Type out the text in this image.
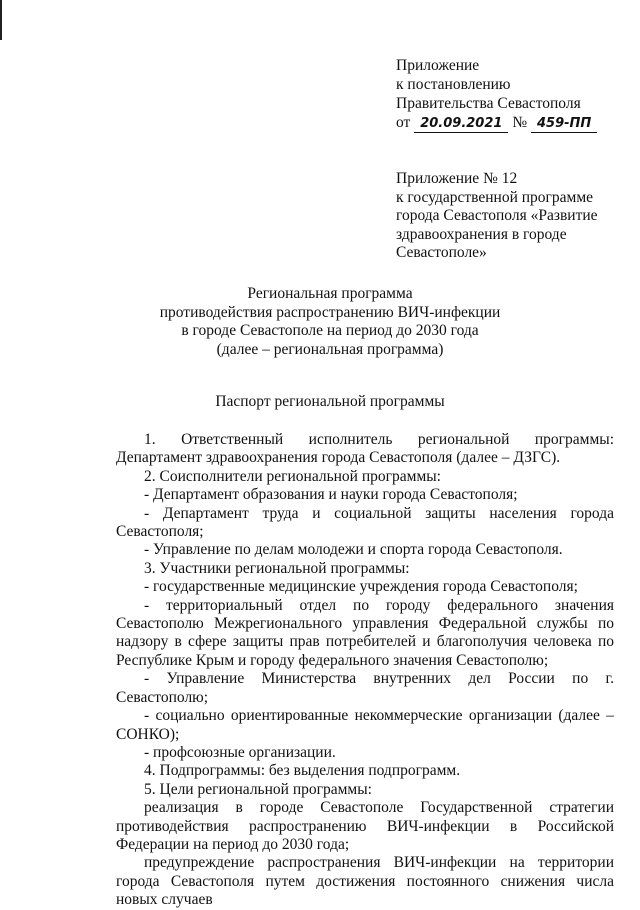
Приложение
к постановлению
Правительства Севастополя
от 20.09.2021 № 459-ПП
Приложение № 12
к государственной программе
города Севастополя «Развитие
здравоохранения в городе
Севастополе»
Региональная программа
противодействия распространению ВИЧ-инфекции
в городе Севастополе на период до 2030 года
(далее – региональная программа)
Паспорт региональной программы

1. Ответственный исполнитель региональной программы: Департамент здравоохранения города Севастополя (далее – ДЗГС).

2. Соисполнители региональной программы:

- Департамент образования и науки города Севастополя;

- Департамент труда и социальной защиты населения города Севастополя;

- Управление по делам молодежи и спорта города Севастополя.

3. Участники региональной программы:

- государственные медицинские учреждения города Севастополя;

- территориальный отдел по городу федерального значения Севастополю Межрегионального управления Федеральной службы по надзору в сфере защиты прав потребителей и благополучия человека по Республике Крым и городу федерального значения Севастополю;

- Управление Министерства внутренних дел России по г. Севастополю;

- социально ориентированные некоммерческие организации (далее – СОНКО);

- профсоюзные организации.

4. Подпрограммы: без выделения подпрограмм.

5. Цели региональной программы:

реализация в городе Севастополе Государственной стратегии противодействия распространению ВИЧ-инфекции в Российской Федерации на период до 2030 года;

предупреждение распространения ВИЧ-инфекции на территории города Севастополя путем достижения постоянного снижения числа новых случаев
